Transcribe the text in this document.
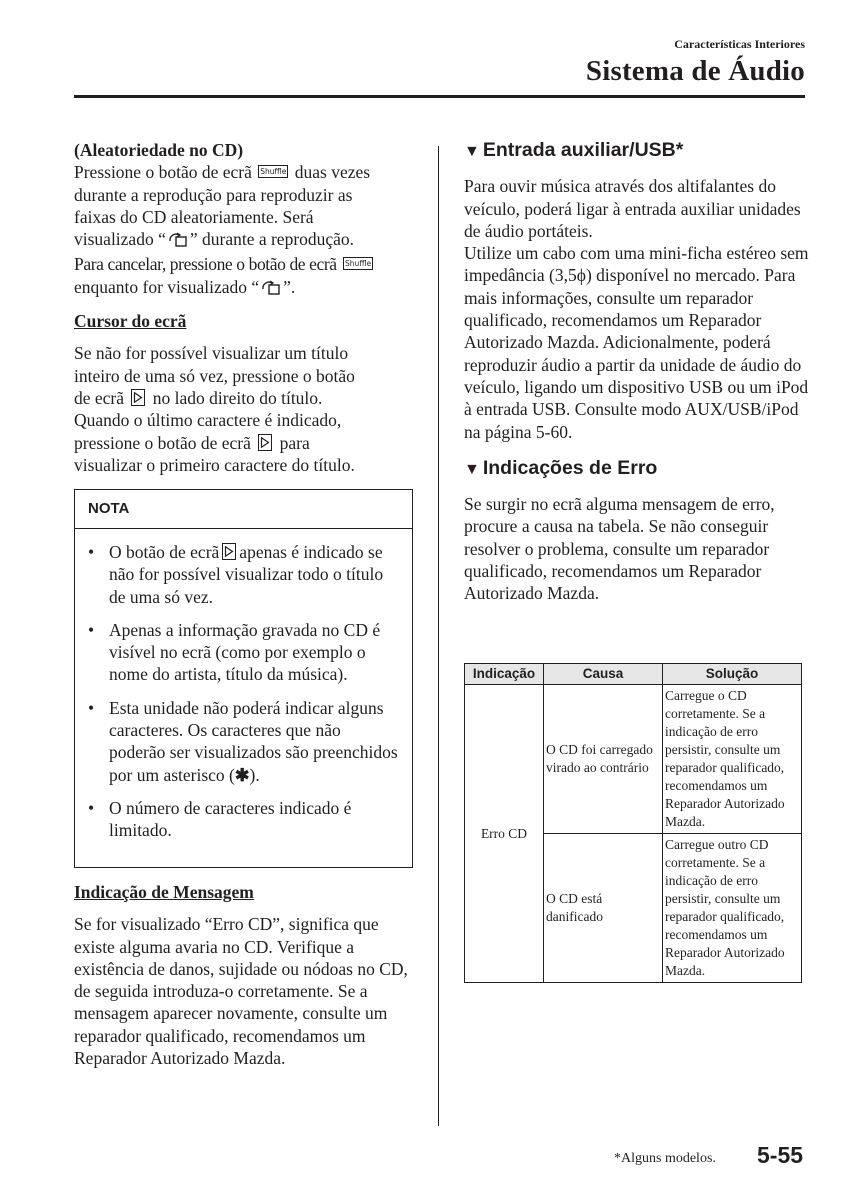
Características Interiores
Sistema de Áudio

(Aleatoriedade no CD)

Pressione o botão de ecrã Shuffle duas vezes
durante a reprodução para reproduzir as
faixas do CD aleatoriamente. Será
visualizado “ ” durante a reprodução.
Para cancelar, pressione o botão de ecrã Shuffle
enquanto for visualizado “ ”.

Cursor do ecrã

Se não for possível visualizar um título
inteiro de uma só vez, pressione o botão
de ecrã no lado direito do título.
Quando o último caractere é indicado,
pressione o botão de ecrã para
visualizar o primeiro caractere do título.

NOTA
• O botão de ecrã apenas é indicado se não for possível visualizar todo o título de uma só vez.
• Apenas a informação gravada no CD é visível no ecrã (como por exemplo o nome do artista, título da música).
• Esta unidade não poderá indicar alguns caracteres. Os caracteres que não poderão ser visualizados são preenchidos por um asterisco (✱).
• O número de caracteres indicado é limitado.

Indicação de Mensagem

Se for visualizado “Erro CD”, significa que existe alguma avaria no CD. Verifique a existência de danos, sujidade ou nódoas no CD, de seguida introduza-o corretamente. Se a mensagem aparecer novamente, consulte um reparador qualificado, recomendamos um Reparador Autorizado Mazda.

▼ Entrada auxiliar/USB*

Para ouvir música através dos altifalantes do veículo, poderá ligar à entrada auxiliar unidades de áudio portáteis.

Utilize um cabo com uma mini-ficha estéreo sem impedância (3,5ϕ) disponível no mercado. Para mais informações, consulte um reparador qualificado, recomendamos um Reparador Autorizado Mazda. Adicionalmente, poderá reproduzir áudio a partir da unidade de áudio do veículo, ligando um dispositivo USB ou um iPod à entrada USB. Consulte modo AUX/USB/iPod na página 5-60.

▼ Indicações de Erro

Se surgir no ecrã alguma mensagem de erro, procure a causa na tabela. Se não conseguir resolver o problema, consulte um reparador qualificado, recomendamos um Reparador Autorizado Mazda.

Indicação	Causa	Solução
Erro CD	O CD foi carregado virado ao contrário	Carregue o CD corretamente. Se a indicação de erro persistir, consulte um reparador qualificado, recomendamos um Reparador Autorizado Mazda.
	O CD está danificado	Carregue outro CD corretamente. Se a indicação de erro persistir, consulte um reparador qualificado, recomendamos um Reparador Autorizado Mazda.
*Alguns modelos. 5-55
